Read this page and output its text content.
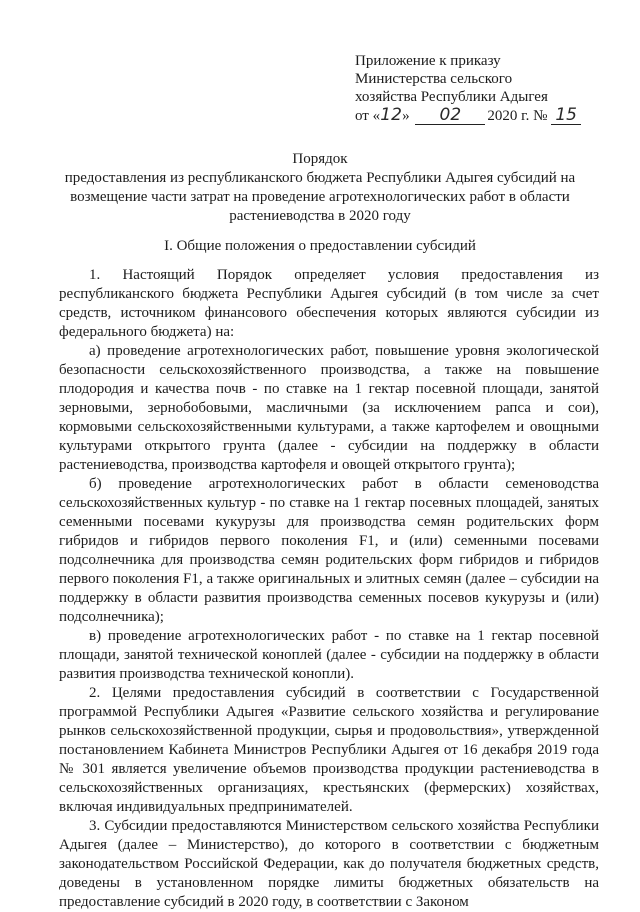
Приложение к приказу
Министерства сельского
хозяйства Республики Адыгея
от «12» 02 2020 г. № 15
Порядок
предоставления из республиканского бюджета Республики Адыгея субсидий на возмещение части затрат на проведение агротехнологических работ в области растениеводства в 2020 году
I. Общие положения о предоставлении субсидий

1. Настоящий Порядок определяет условия предоставления из республиканского бюджета Республики Адыгея субсидий (в том числе за счет средств, источником финансового обеспечения которых являются субсидии из федерального бюджета) на:

а) проведение агротехнологических работ, повышение уровня экологической безопасности сельскохозяйственного производства, а также на повышение плодородия и качества почв - по ставке на 1 гектар посевной площади, занятой зерновыми, зернобобовыми, масличными (за исключением рапса и сои), кормовыми сельскохозяйственными культурами, а также картофелем и овощными культурами открытого грунта (далее - субсидии на поддержку в области растениеводства, производства картофеля и овощей открытого грунта);

б) проведение агротехнологических работ в области семеноводства сельскохозяйственных культур - по ставке на 1 гектар посевных площадей, занятых семенными посевами кукурузы для производства семян родительских форм гибридов и гибридов первого поколения F1, и (или) семенными посевами подсолнечника для производства семян родительских форм гибридов и гибридов первого поколения F1, а также оригинальных и элитных семян (далее – субсидии на поддержку в области развития производства семенных посевов кукурузы и (или) подсолнечника);

в) проведение агротехнологических работ - по ставке на 1 гектар посевной площади, занятой технической коноплей (далее - субсидии на поддержку в области развития производства технической конопли).

2. Целями предоставления субсидий в соответствии с Государственной программой Республики Адыгея «Развитие сельского хозяйства и регулирование рынков сельскохозяйственной продукции, сырья и продовольствия», утвержденной постановлением Кабинета Министров Республики Адыгея от 16 декабря 2019 года № 301 является увеличение объемов производства продукции растениеводства в сельскохозяйственных организациях, крестьянских (фермерских) хозяйствах, включая индивидуальных предпринимателей.

3. Субсидии предоставляются Министерством сельского хозяйства Республики Адыгея (далее – Министерство), до которого в соответствии с бюджетным законодательством Российской Федерации, как до получателя бюджетных средств, доведены в установленном порядке лимиты бюджетных обязательств на предоставление субсидий в 2020 году, в соответствии с Законом
